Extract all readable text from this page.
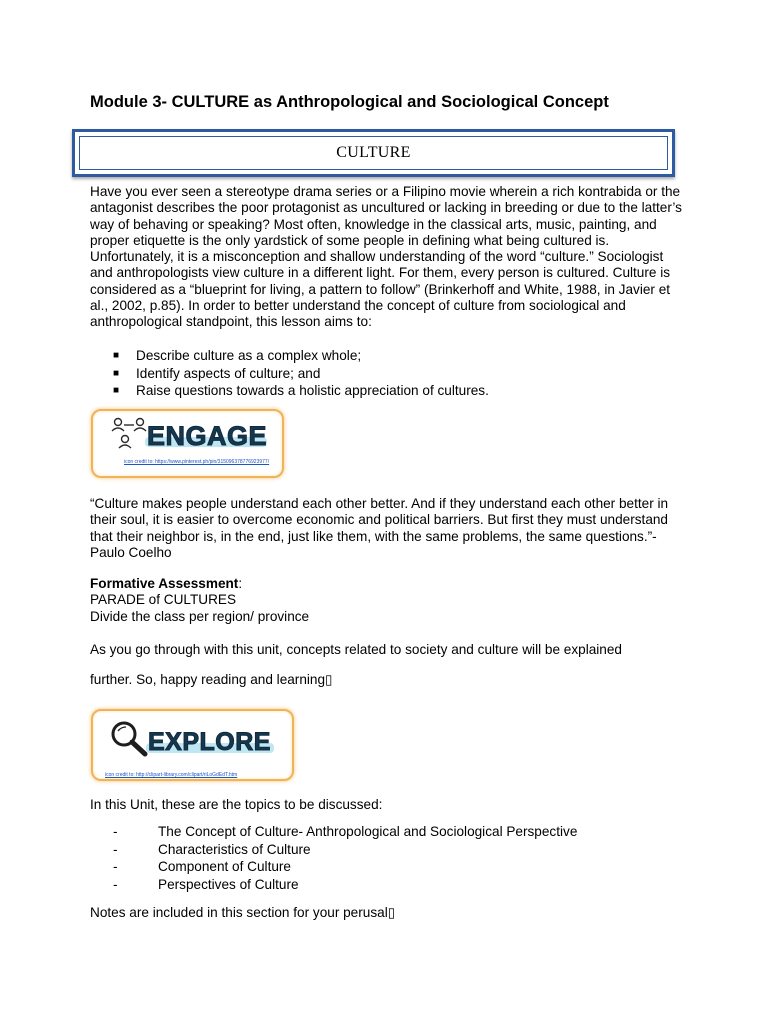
Module 3- CULTURE as Anthropological and Sociological Concept
CULTURE
Have you ever seen a stereotype drama series or a Filipino movie wherein a rich kontrabida or the antagonist describes the poor protagonist as uncultured or lacking in breeding or due to the latter’s way of behaving or speaking? Most often, knowledge in the classical arts, music, painting, and proper etiquette is the only yardstick of some people in defining what being cultured is. Unfortunately, it is a misconception and shallow understanding of the word “culture.” Sociologist and anthropologists view culture in a different light. For them, every person is cultured. Culture is considered as a “blueprint for living, a pattern to follow” (Brinkerhoff and White, 1988, in Javier et al., 2002, p.85). In order to better understand the concept of culture from sociological and anthropological standpoint, this lesson aims to:
■	Describe culture as a complex whole;
■	Identify aspects of culture; and
■	Raise questions towards a holistic appreciation of cultures.
ENGAGE
icon credit to: https://www.pinterest.ph/pin/315096378776923977/
“Culture makes people understand each other better. And if they understand each other better in their soul, it is easier to overcome economic and political barriers. But first they must understand that their neighbor is, in the end, just like them, with the same problems, the same questions.”- Paulo Coelho
Formative Assessment:
PARADE of CULTURES
Divide the class per region/ province
As you go through with this unit, concepts related to society and culture will be explained
further. So, happy reading and learning▯
EXPLORE
icon credit to: http://clipart-library.com/clipart/riLoGdEdT.htm
In this Unit, these are the topics to be discussed:
-	The Concept of Culture- Anthropological and Sociological Perspective
-	Characteristics of Culture
-	Component of Culture
-	Perspectives of Culture
Notes are included in this section for your perusal▯
